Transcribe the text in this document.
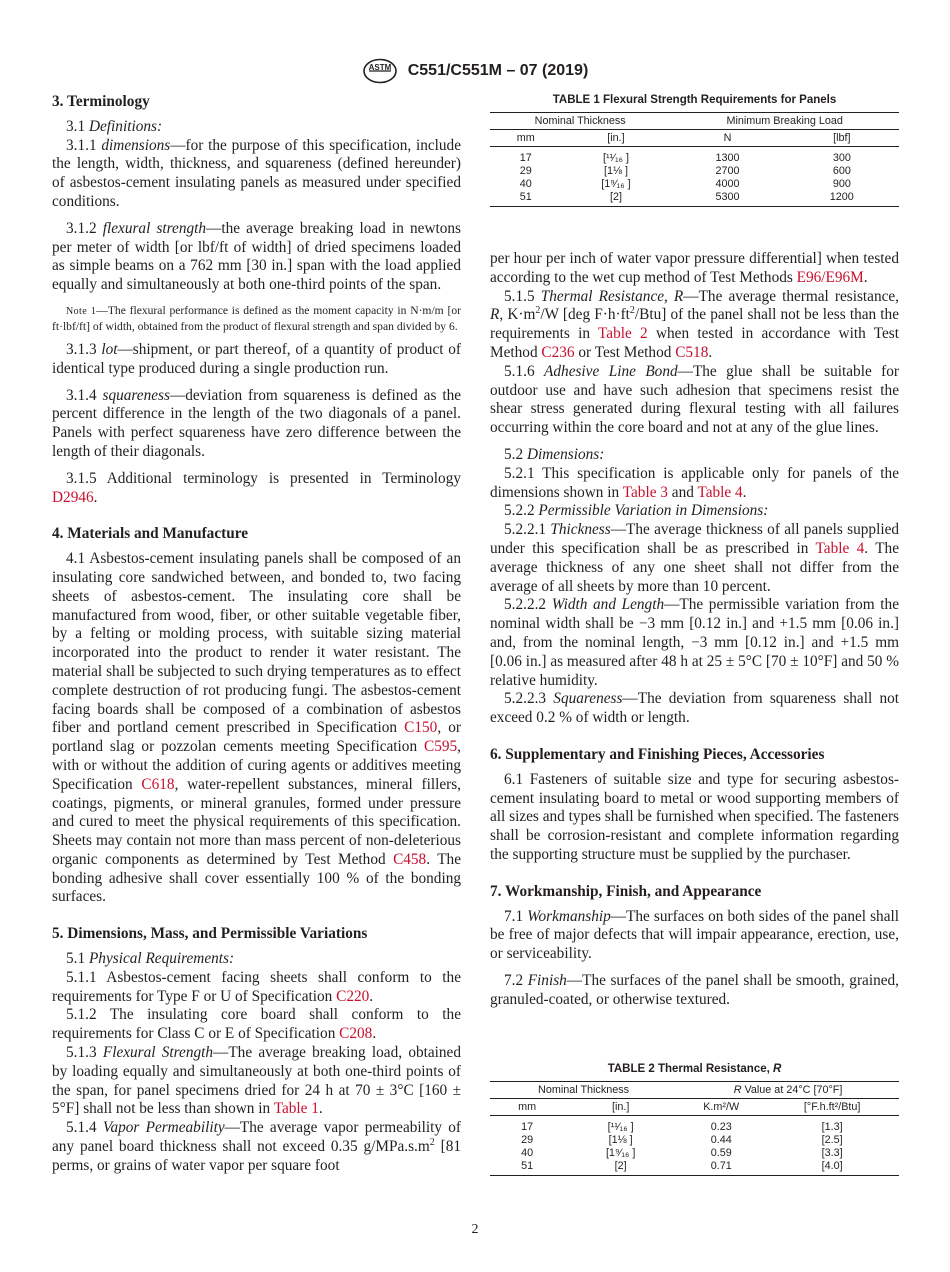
ASTM C551/C551M – 07 (2019)
TABLE 1 Flexural Strength Requirements for Panels
Nominal Thickness		Minimum Breaking Load	
mm	[in.]	N	[lbf]
17	[¹¹⁄₁₆ ]	1300	300
29	[1⅛ ]	2700	600
40	[1⁹⁄₁₆ ]	4000	900
51	[2]	5300	1200
3. Terminology

3.1 Definitions:

3.1.1 dimensions—for the purpose of this specification, include the length, width, thickness, and squareness (defined hereunder) of asbestos-cement insulating panels as measured under specified conditions.

3.1.2 flexural strength—the average breaking load in newtons per meter of width [or lbf/ft of width] of dried specimens loaded as simple beams on a 762 mm [30 in.] span with the load applied equally and simultaneously at both one-third points of the span.

Note 1—The flexural performance is defined as the moment capacity in N·m/m [or ft·lbf/ft] of width, obtained from the product of flexural strength and span divided by 6.

3.1.3 lot—shipment, or part thereof, of a quantity of product of identical type produced during a single production run.

3.1.4 squareness—deviation from squareness is defined as the percent difference in the length of the two diagonals of a panel. Panels with perfect squareness have zero difference between the length of their diagonals.

3.1.5 Additional terminology is presented in Terminology D2946.

4. Materials and Manufacture

4.1 Asbestos-cement insulating panels shall be composed of an insulating core sandwiched between, and bonded to, two facing sheets of asbestos-cement. The insulating core shall be manufactured from wood, fiber, or other suitable vegetable fiber, by a felting or molding process, with suitable sizing material incorporated into the product to render it water resistant. The material shall be subjected to such drying temperatures as to effect complete destruction of rot producing fungi. The asbestos-cement facing boards shall be composed of a combination of asbestos fiber and portland cement prescribed in Specification C150, or portland slag or pozzolan cements meeting Specification C595, with or without the addition of curing agents or additives meeting Specification C618, water-repellent substances, mineral fillers, coatings, pigments, or mineral granules, formed under pressure and cured to meet the physical requirements of this specification. Sheets may contain not more than mass percent of non-deleterious organic components as determined by Test Method C458. The bonding adhesive shall cover essentially 100 % of the bonding surfaces.

5. Dimensions, Mass, and Permissible Variations

5.1 Physical Requirements:

5.1.1 Asbestos-cement facing sheets shall conform to the requirements for Type F or U of Specification C220.

5.1.2 The insulating core board shall conform to the requirements for Class C or E of Specification C208.

5.1.3 Flexural Strength—The average breaking load, obtained by loading equally and simultaneously at both one-third points of the span, for panel specimens dried for 24 h at 70 ± 3°C [160 ± 5°F] shall not be less than shown in Table 1.

5.1.4 Vapor Permeability—The average vapor permeability of any panel board thickness shall not exceed 0.35 $g/MPa.s.m^2$ [81 perms, or grains of water vapor per square foot

per hour per inch of water vapor pressure differential] when tested according to the wet cup method of Test Methods E96/E96M.

5.1.5 Thermal Resistance, R—The average thermal resistance, R, $K\cdot m^2/W$ [deg $F\cdot h\cdot ft^2/Btu$] of the panel shall not be less than the requirements in Table 2 when tested in accordance with Test Method C236 or Test Method C518.

5.1.6 Adhesive Line Bond—The glue shall be suitable for outdoor use and have such adhesion that specimens resist the shear stress generated during flexural testing with all failures occurring within the core board and not at any of the glue lines.

5.2 Dimensions:

5.2.1 This specification is applicable only for panels of the dimensions shown in Table 3 and Table 4.

5.2.2 Permissible Variation in Dimensions:

5.2.2.1 Thickness—The average thickness of all panels supplied under this specification shall be as prescribed in Table 4. The average thickness of any one sheet shall not differ from the average of all sheets by more than 10 percent.

5.2.2.2 Width and Length—The permissible variation from the nominal width shall be −3 mm [0.12 in.] and +1.5 mm [0.06 in.] and, from the nominal length, −3 mm [0.12 in.] and +1.5 mm [0.06 in.] as measured after 48 h at 25 ± 5°C [70 ± 10°F] and 50 % relative humidity.

5.2.2.3 Squareness—The deviation from squareness shall not exceed 0.2 % of width or length.

6. Supplementary and Finishing Pieces, Accessories

6.1 Fasteners of suitable size and type for securing asbestos-cement insulating board to metal or wood supporting members of all sizes and types shall be furnished when specified. The fasteners shall be corrosion-resistant and complete information regarding the supporting structure must be supplied by the purchaser.

7. Workmanship, Finish, and Appearance

7.1 Workmanship—The surfaces on both sides of the panel shall be free of major defects that will impair appearance, erection, use, or serviceability.

7.2 Finish—The surfaces of the panel shall be smooth, grained, granuled-coated, or otherwise textured.

TABLE 2 Thermal Resistance, R
Nominal Thickness		R Value at 24°C [70°F]	
mm	[in.]	K.m²/W	[°F.h.ft²/Btu]
17	[¹¹⁄₁₆ ]	0.23	[1.3]
29	[1⅛ ]	0.44	[2.5]
40	[1⁹⁄₁₆ ]	0.59	[3.3]
51	[2]	0.71	[4.0]
2
